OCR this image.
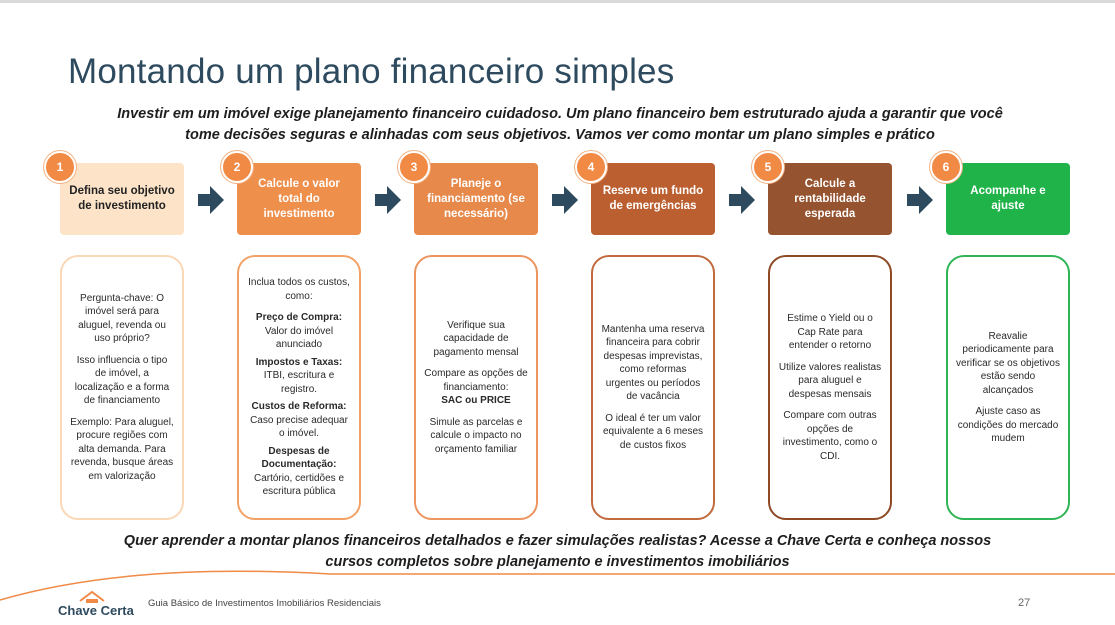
Montando um plano financeiro simples
Investir em um imóvel exige planejamento financeiro cuidadoso. Um plano financeiro bem estruturado ajuda a garantir que você
tome decisões seguras e alinhadas com seus objetivos. Vamos ver como montar um plano simples e prático
Defina seu objetivo de investimento
1
Calcule o valor total do investimento
2
Planeje o financiamento (se necessário)
3
Reserve um fundo de emergências
4
Calcule a rentabilidade esperada
5
Acompanhe e ajuste
6

Pergunta-chave: O imóvel será para aluguel, revenda ou uso próprio?

Isso influencia o tipo de imóvel, a localização e a forma de financiamento

Exemplo: Para aluguel, procure regiões com alta demanda. Para revenda, busque áreas em valorização

Inclua todos os custos, como:

Preço de Compra:
Valor do imóvel anunciado

Impostos e Taxas:
ITBI, escritura e registro.

Custos de Reforma:
Caso precise adequar o imóvel.

Despesas de Documentação:
Cartório, certidões e escritura pública

Verifique sua capacidade de pagamento mensal

Compare as opções de financiamento:
SAC ou PRICE

Simule as parcelas e calcule o impacto no orçamento familiar

Mantenha uma reserva financeira para cobrir despesas imprevistas, como reformas urgentes ou períodos de vacância

O ideal é ter um valor equivalente a 6 meses de custos fixos

Estime o Yield ou o Cap Rate para entender o retorno

Utilize valores realistas para aluguel e despesas mensais

Compare com outras opções de investimento, como o CDI.

Reavalie periodicamente para verificar se os objetivos estão sendo alcançados

Ajuste caso as condições do mercado mudem

Quer aprender a montar planos financeiros detalhados e fazer simulações realistas? Acesse a Chave Certa e conheça nossos
cursos completos sobre planejamento e investimentos imobiliários
Chave Certa Guia Básico de Investimentos Imobiliários Residenciais	27
